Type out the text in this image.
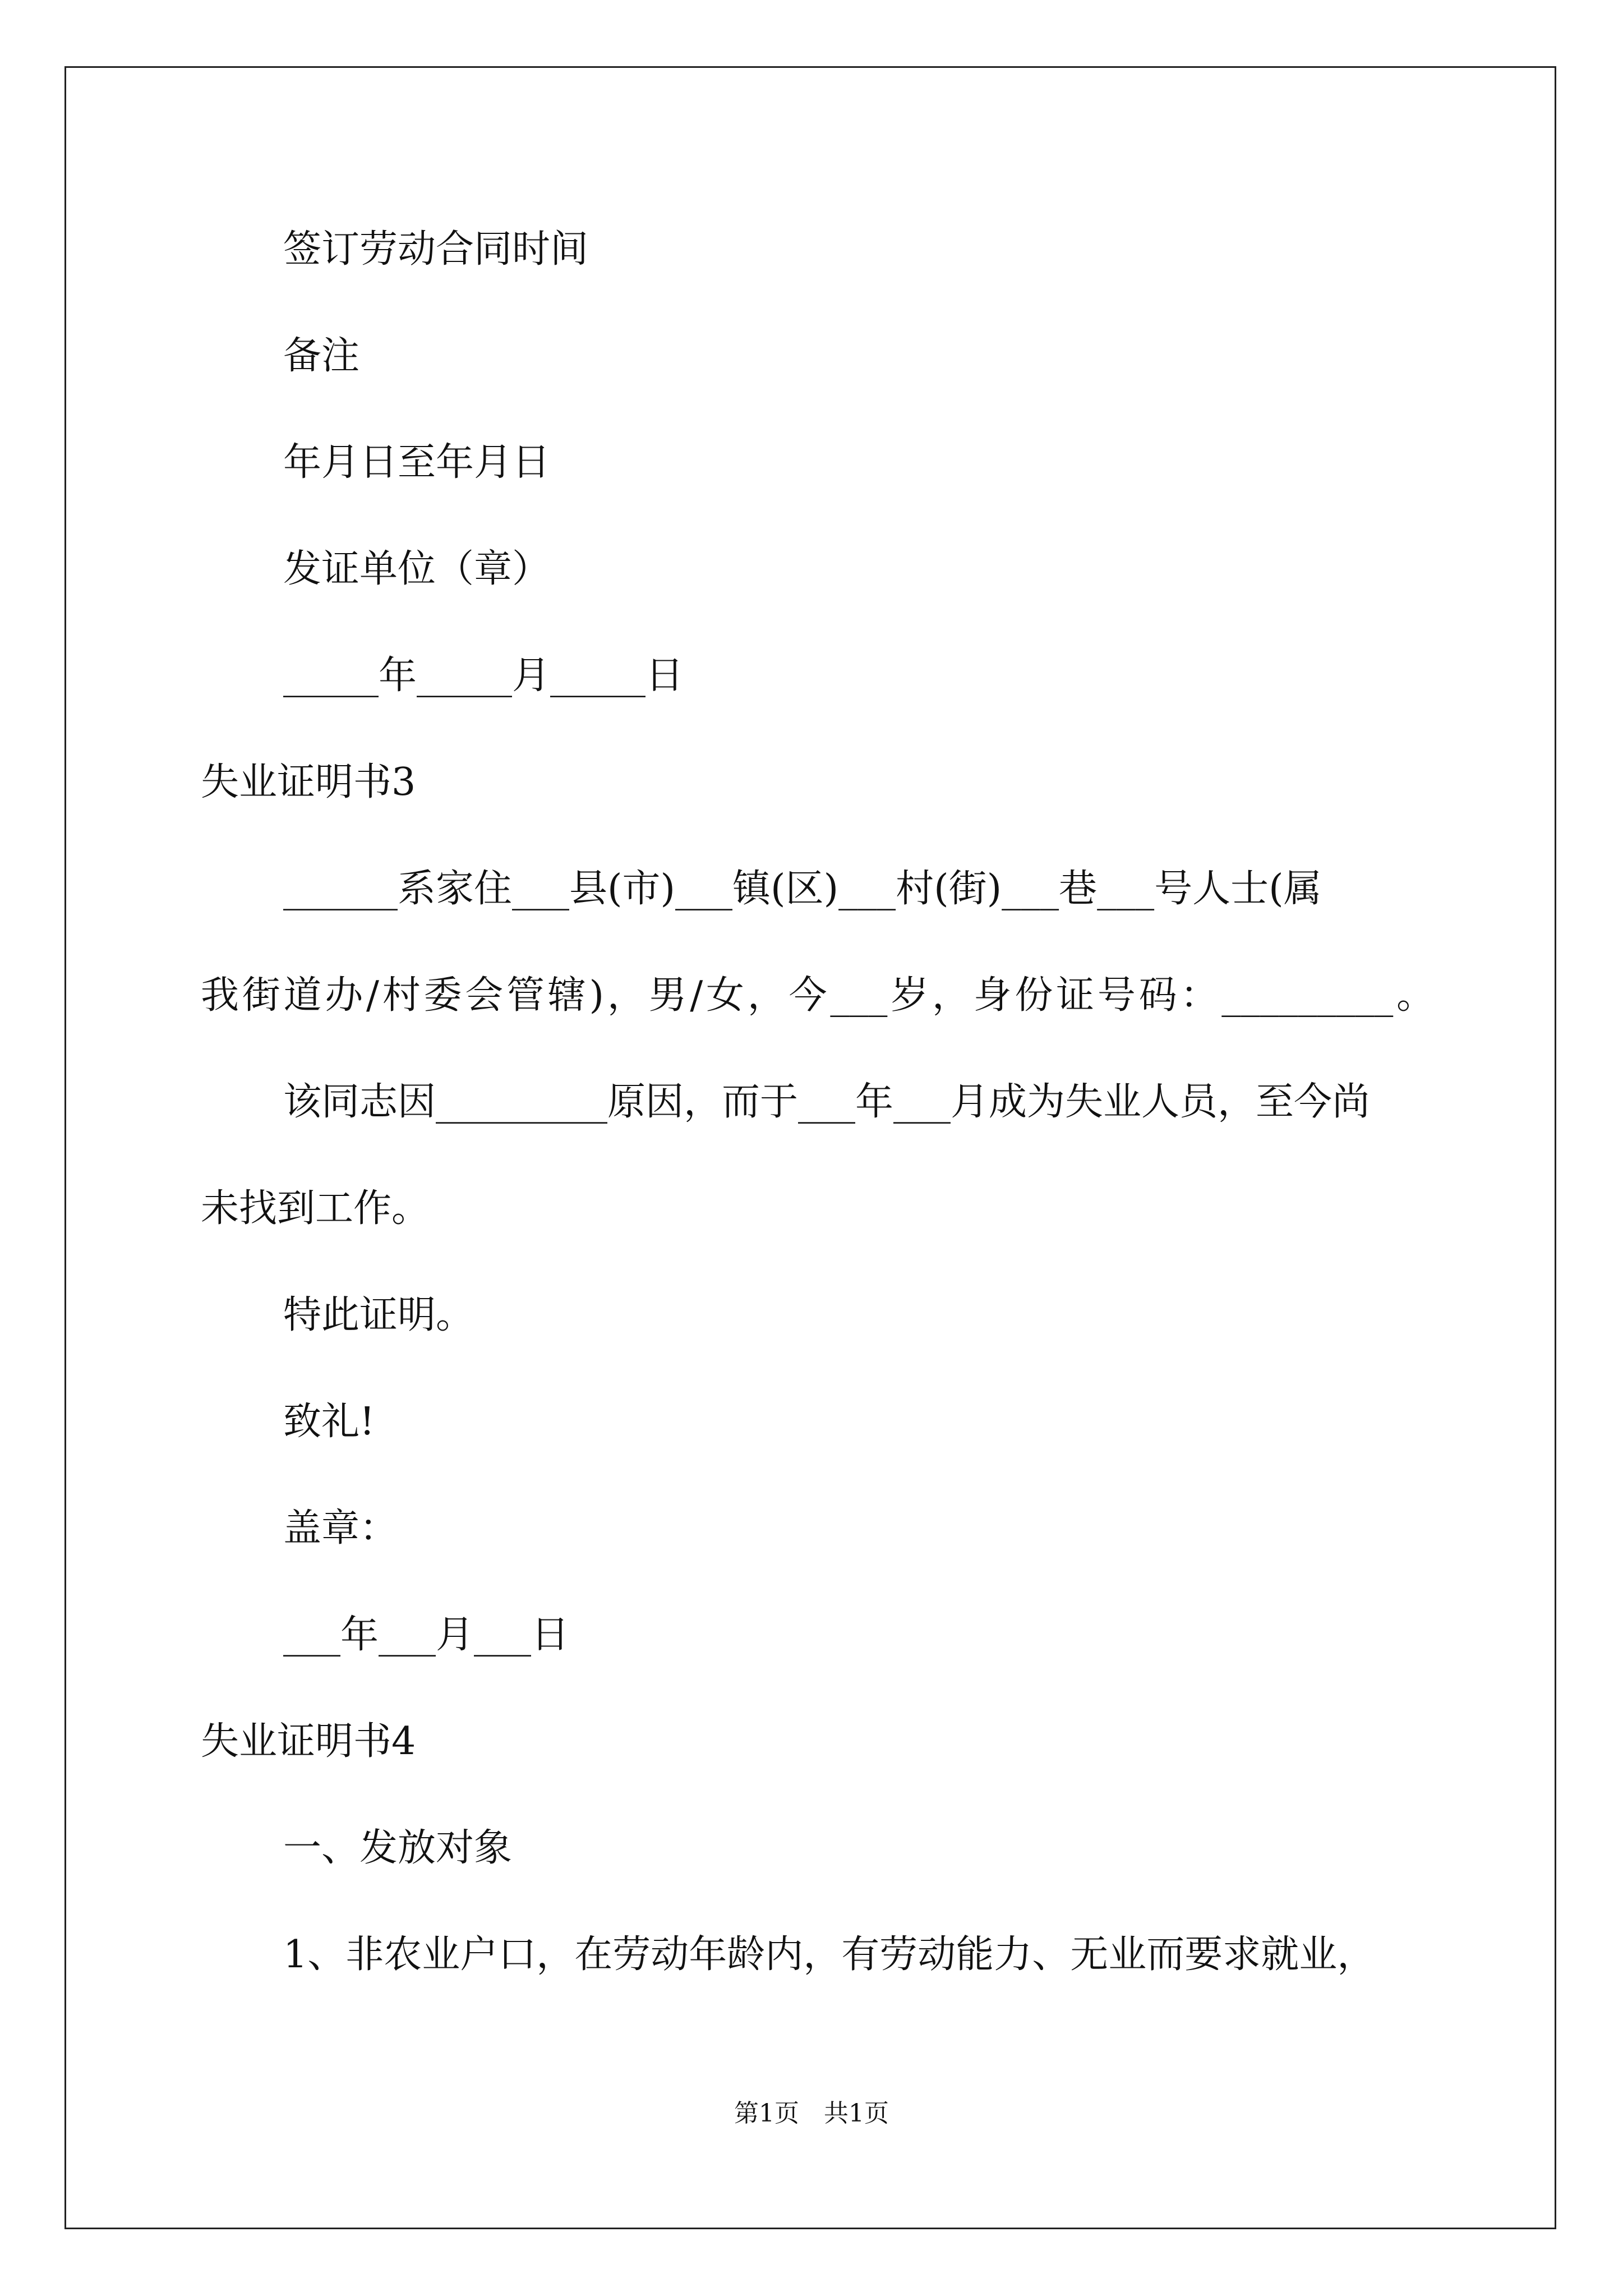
签订劳动合同时间
备注
年月日至年月日
发证单位（章）
_____年_____月_____日
失业证明书3
______系家住___县(市)___镇(区)___村(街)___巷___号人士(属
我街道办/村委会管辖)，男/女，今___岁，身份证号码：_________。
该同志因_________原因，而于___年___月成为失业人员，至今尚
未找到工作。
特此证明。
致礼!
盖章：
___年___月___日
失业证明书4
一、发放对象
1、非农业户口，在劳动年龄内，有劳动能力、无业而要求就业，
第1页　共1页
